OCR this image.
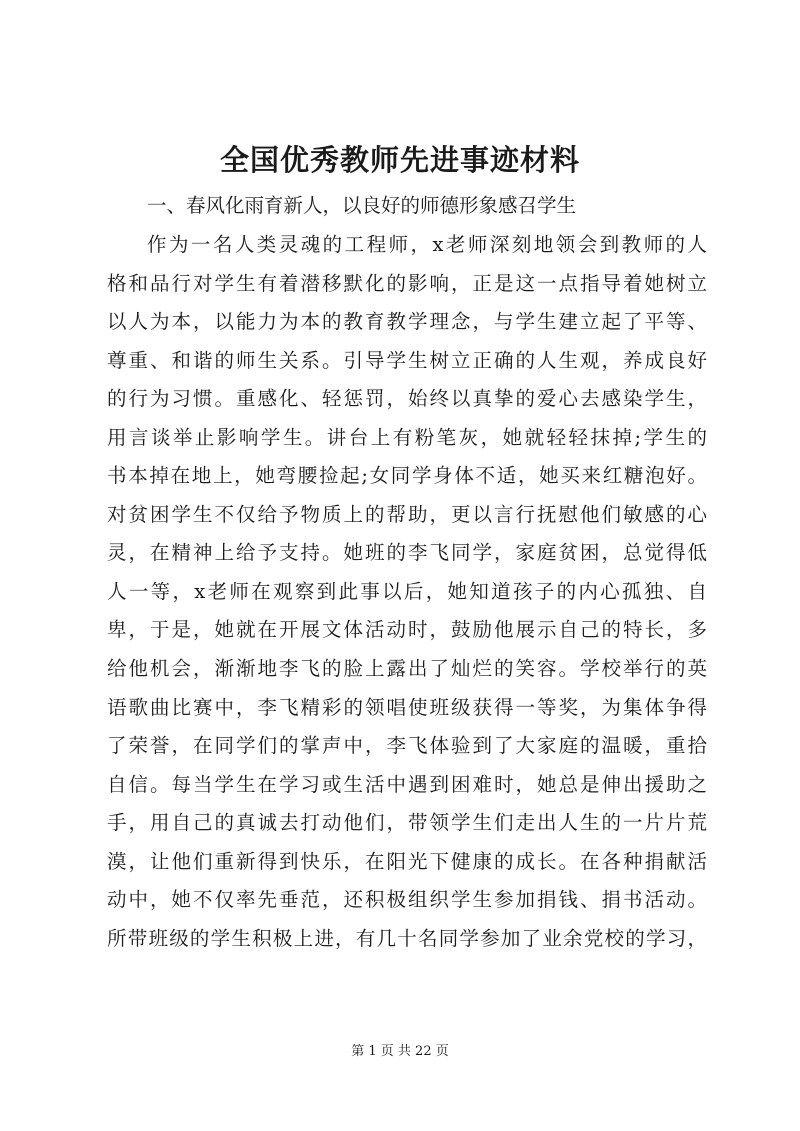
全国优秀教师先进事迹材料
一、春风化雨育新人，以良好的师德形象感召学生
作为一名人类灵魂的工程师，x老师深刻地领会到教师的人
格和品行对学生有着潜移默化的影响，正是这一点指导着她树立
以人为本，以能力为本的教育教学理念，与学生建立起了平等、
尊重、和谐的师生关系。引导学生树立正确的人生观，养成良好
的行为习惯。重感化、轻惩罚，始终以真挚的爱心去感染学生，
用言谈举止影响学生。讲台上有粉笔灰，她就轻轻抹掉;学生的
书本掉在地上，她弯腰捡起;女同学身体不适，她买来红糖泡好。
对贫困学生不仅给予物质上的帮助，更以言行抚慰他们敏感的心
灵，在精神上给予支持。她班的李飞同学，家庭贫困，总觉得低
人一等，x老师在观察到此事以后，她知道孩子的内心孤独、自
卑，于是，她就在开展文体活动时，鼓励他展示自己的特长，多
给他机会，渐渐地李飞的脸上露出了灿烂的笑容。学校举行的英
语歌曲比赛中，李飞精彩的领唱使班级获得一等奖，为集体争得
了荣誉，在同学们的掌声中，李飞体验到了大家庭的温暖，重拾
自信。每当学生在学习或生活中遇到困难时，她总是伸出援助之
手，用自己的真诚去打动他们，带领学生们走出人生的一片片荒
漠，让他们重新得到快乐，在阳光下健康的成长。在各种捐献活
动中，她不仅率先垂范，还积极组织学生参加捐钱、捐书活动。
所带班级的学生积极上进，有几十名同学参加了业余党校的学习，
第 1 页 共 22 页
